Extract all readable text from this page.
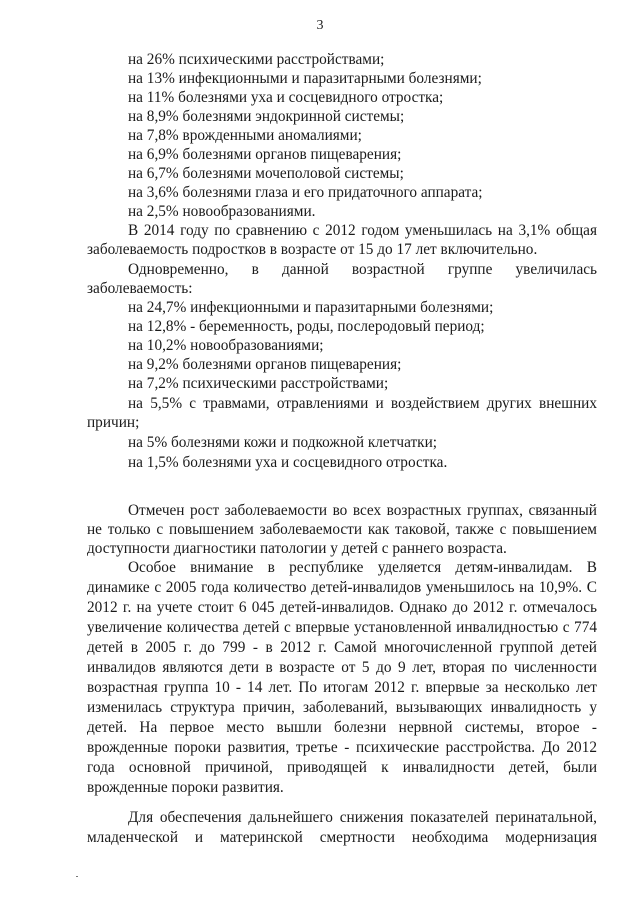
3
на 26% психическими расстройствами;
на 13% инфекционными и паразитарными болезнями;
на 11% болезнями уха и сосцевидного отростка;
на 8,9% болезнями эндокринной системы;
на 7,8% врожденными аномалиями;
на 6,9% болезнями органов пищеварения;
на 6,7% болезнями мочеполовой системы;
на 3,6% болезнями глаза и его придаточного аппарата;
на 2,5% новообразованиями.
В 2014 году по сравнению с 2012 годом уменьшилась на 3,1% общая
заболеваемость подростков в возрасте от 15 до 17 лет включительно.
Одновременно, в данной возрастной группе увеличилась
заболеваемость:
на 24,7% инфекционными и паразитарными болезнями;
на 12,8% - беременность, роды, послеродовый период;
на 10,2% новообразованиями;
на 9,2% болезнями органов пищеварения;
на 7,2% психическими расстройствами;
на 5,5% с травмами, отравлениями и воздействием других внешних
причин;
на 5% болезнями кожи и подкожной клетчатки;
на 1,5% болезнями уха и сосцевидного отростка.
Отмечен рост заболеваемости во всех возрастных группах, связанный
не только с повышением заболеваемости как таковой, также с повышением
доступности диагностики патологии у детей с раннего возраста.
Особое внимание в республике уделяется детям-инвалидам. В
динамике с 2005 года количество детей-инвалидов уменьшилось на 10,9%. С
2012 г. на учете стоит 6 045 детей-инвалидов. Однако до 2012 г. отмечалось
увеличение количества детей с впервые установленной инвалидностью с 774
детей в 2005 г. до 799 - в 2012 г. Самой многочисленной группой детей
инвалидов являются дети в возрасте от 5 до 9 лет, вторая по численности
возрастная группа 10 - 14 лет. По итогам 2012 г. впервые за несколько лет
изменилась структура причин, заболеваний, вызывающих инвалидность у
детей. На первое место вышли болезни нервной системы, второе -
врожденные пороки развития, третье - психические расстройства. До 2012
года основной причиной, приводящей к инвалидности детей, были
врожденные пороки развития.
Для обеспечения дальнейшего снижения показателей перинатальной,
младенческой и материнской смертности необходима модернизация
